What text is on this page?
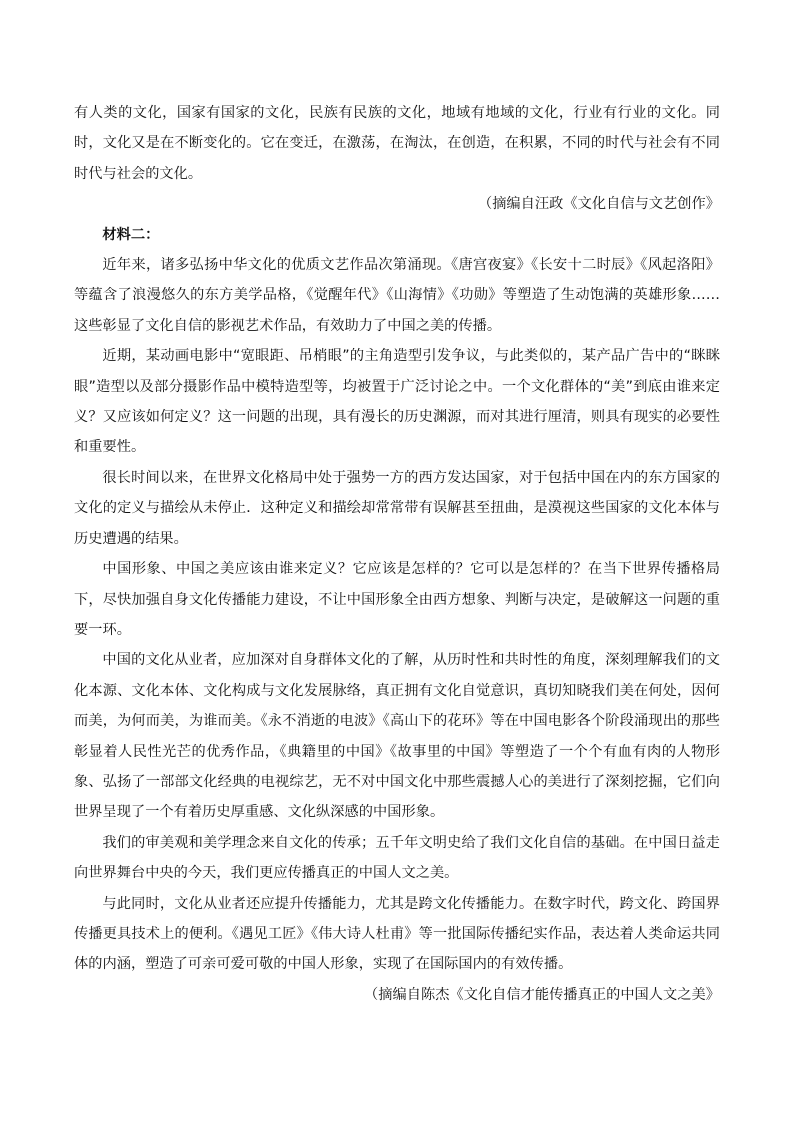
有人类的文化，国家有国家的文化，民族有民族的文化，地域有地域的文化，行业有行业的文化。同时，文化又是在不断变化的。它在变迁，在激荡，在淘汰，在创造，在积累，不同的时代与社会有不同时代与社会的文化。

（摘编自汪政《文化自信与文艺创作》

材料二：

近年来，诸多弘扬中华文化的优质文艺作品次第涌现。《唐宫夜宴》《长安十二时辰》《风起洛阳》等蕴含了浪漫悠久的东方美学品格，《觉醒年代》《山海情》《功勋》等塑造了生动饱满的英雄形象……这些彰显了文化自信的影视艺术作品，有效助力了中国之美的传播。

近期，某动画电影中“宽眼距、吊梢眼”的主角造型引发争议，与此类似的，某产品广告中的“眯眯眼”造型以及部分摄影作品中模特造型等，均被置于广泛讨论之中。一个文化群体的“美”到底由谁来定义？又应该如何定义？这一问题的出现，具有漫长的历史渊源，而对其进行厘清，则具有现实的必要性和重要性。

很长时间以来，在世界文化格局中处于强势一方的西方发达国家，对于包括中国在内的东方国家的文化的定义与描绘从未停止．这种定义和描绘却常常带有误解甚至扭曲，是漠视这些国家的文化本体与历史遭遇的结果。

中国形象、中国之美应该由谁来定义？它应该是怎样的？它可以是怎样的？在当下世界传播格局下，尽快加强自身文化传播能力建设，不让中国形象全由西方想象、判断与决定，是破解这一问题的重要一环。

中国的文化从业者，应加深对自身群体文化的了解，从历时性和共时性的角度，深刻理解我们的文化本源、文化本体、文化构成与文化发展脉络，真正拥有文化自觉意识，真切知晓我们美在何处，因何而美，为何而美，为谁而美。《永不消逝的电波》《高山下的花环》等在中国电影各个阶段涌现出的那些彰显着人民性光芒的优秀作品，《典籍里的中国》《故事里的中国》等塑造了一个个有血有肉的人物形象、弘扬了一部部文化经典的电视综艺，无不对中国文化中那些震撼人心的美进行了深刻挖掘，它们向世界呈现了一个有着历史厚重感、文化纵深感的中国形象。

我们的审美观和美学理念来自文化的传承；五千年文明史给了我们文化自信的基础。在中国日益走向世界舞台中央的今天，我们更应传播真正的中国人文之美。

与此同时，文化从业者还应提升传播能力，尤其是跨文化传播能力。在数字时代，跨文化、跨国界传播更具技术上的便利。《遇见工匠》《伟大诗人杜甫》等一批国际传播纪实作品，表达着人类命运共同体的内涵，塑造了可亲可爱可敬的中国人形象，实现了在国际国内的有效传播。

（摘编自陈杰《文化自信才能传播真正的中国人文之美》
